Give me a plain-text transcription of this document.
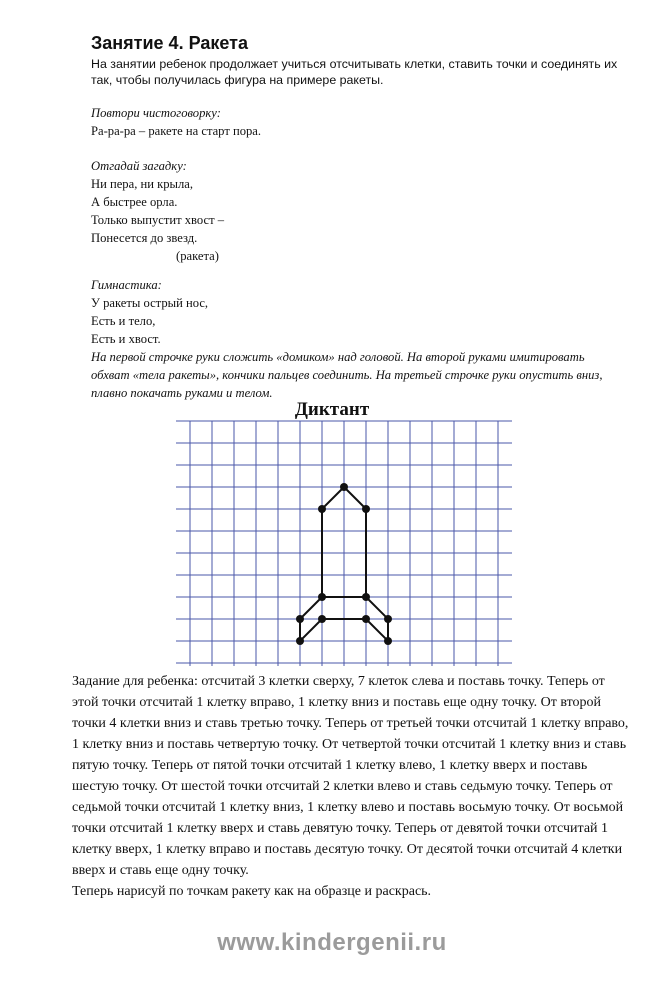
Занятие 4. Ракета

На занятии ребенок продолжает учиться отсчитывать клетки, ставить точки и соединять их так, чтобы получилась фигура на примере ракеты.

Повтори чистоговорку:
Ра-ра-ра – ракете на старт пора.
Отгадай загадку:
Ни пера, ни крыла,
А быстрее орла.
Только выпустит хвост –
Понесется до звезд.
(ракета)
Гимнастика:
У ракеты острый нос,
Есть и тело,
Есть и хвост.
На первой строчке руки сложить «домиком» над головой. На второй руками имитировать обхват «тела ракеты», кончики пальцев соединить. На третьей строчке руки опустить вниз, плавно покачать руками и телом.
Диктант

Задание для ребенка: отсчитай 3 клетки сверху, 7 клеток слева и поставь точку. Теперь от этой точки отсчитай 1 клетку вправо, 1 клетку вниз и поставь еще одну точку. От второй точки 4 клетки вниз и ставь третью точку. Теперь от третьей точки отсчитай 1 клетку вправо, 1 клетку вниз и поставь четвертую точку. От четвертой точки отсчитай 1 клетку вниз и ставь пятую точку. Теперь от пятой точки отсчитай 1 клетку влево, 1 клетку вверх и поставь шестую точку. От шестой точки отсчитай 2 клетки влево и ставь седьмую точку. Теперь от седьмой точки отсчитай 1 клетку вниз, 1 клетку влево и поставь восьмую точку. От восьмой точки отсчитай 1 клетку вверх и ставь девятую точку. Теперь от девятой точки отсчитай 1 клетку вверх, 1 клетку вправо и поставь десятую точку. От десятой точки отсчитай 4 клетки вверх и ставь еще одну точку.
Теперь нарисуй по точкам ракету как на образце и раскрась.

www.kindergenii.ru
